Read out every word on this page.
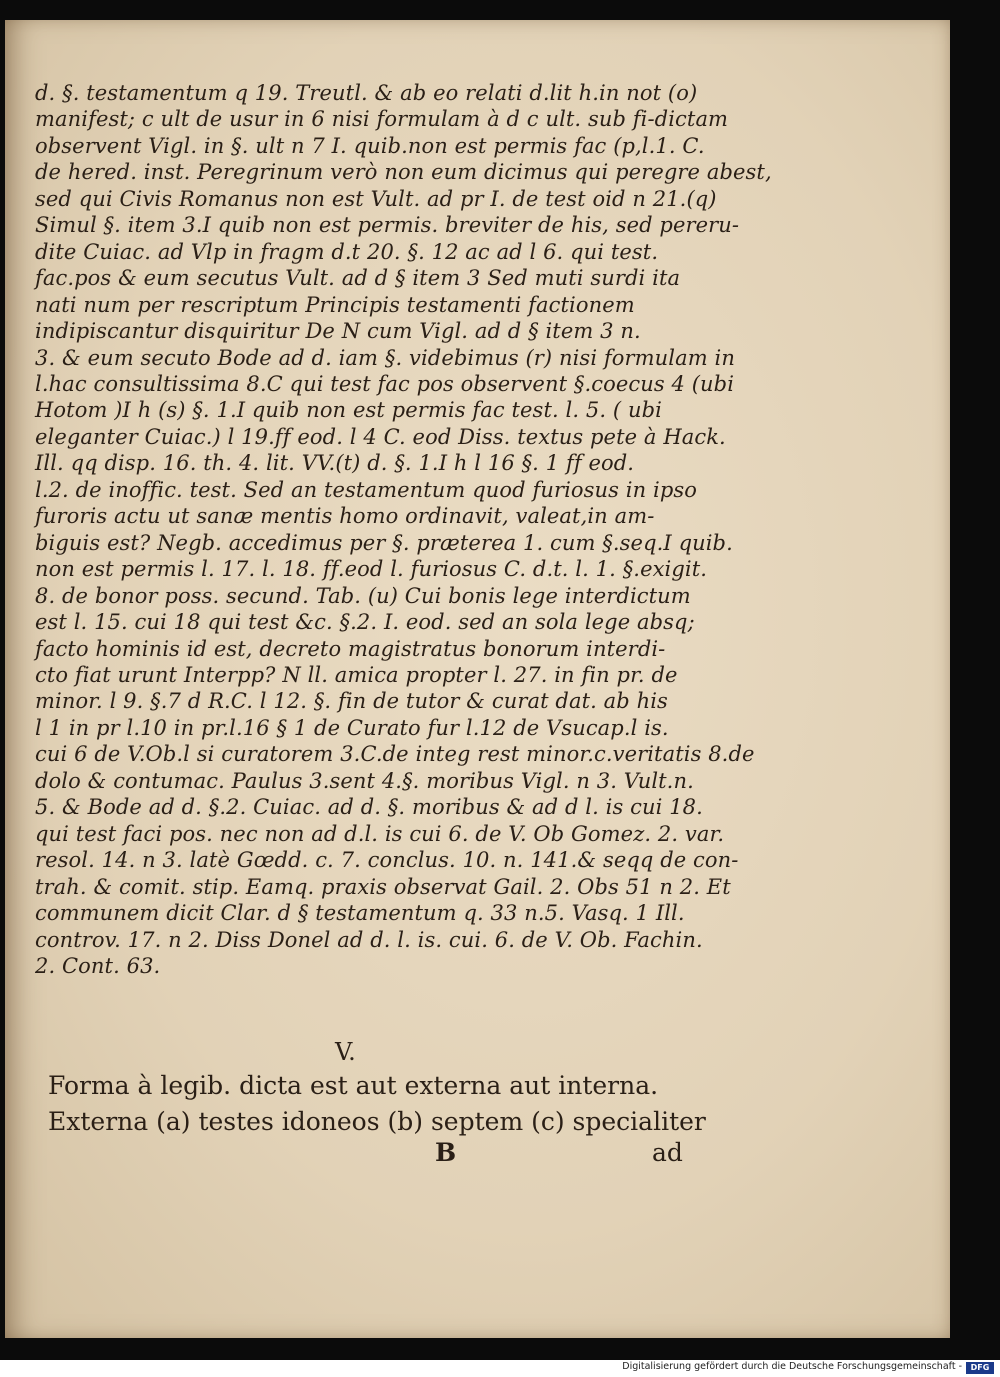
d. §. testamentum q 19. Treutl. & ab eo relati d.lit h.in not (o)
manifest; c ult de usur in 6 nisi formulam à d c ult. sub fi-dictam
observent Vigl. in §. ult n 7 I. quib.non est permis fac (p,l.1. C.
de hered. inst. Peregrinum verò non eum dicimus qui peregre abest,
sed qui Civis Romanus non est Vult. ad pr I. de test oid n 21.(q)
Simul §. item 3.I quib non est permis. breviter de his, sed pereru-
dite Cuiac. ad Vlp in fragm d.t 20. §. 12 ac ad l 6. qui test.
fac.pos & eum secutus Vult. ad d § item 3 Sed muti surdi ita
nati num per rescriptum Principis testamenti factionem
indipiscantur disquiritur De N cum Vigl. ad d § item 3 n.
3. & eum secuto Bode ad d. iam §. videbimus (r) nisi formulam in
l.hac consultissima 8.C qui test fac pos observent §.coecus 4 (ubi
Hotom )I h (s) §. 1.I quib non est permis fac test. l. 5. ( ubi
eleganter Cuiac.) l 19.ff eod. l 4 C. eod Diss. textus pete à Hack.
Ill. qq disp. 16. th. 4. lit. VV.(t) d. §. 1.I h l 16 §. 1 ff eod.
l.2. de inoffic. test. Sed an testamentum quod furiosus in ipso
furoris actu ut sanæ mentis homo ordinavit, valeat,in am-
biguis est? Negb. accedimus per §. præterea 1. cum §.seq.I quib.
non est permis l. 17. l. 18. ff.eod l. furiosus C. d.t. l. 1. §.exigit.
8. de bonor poss. secund. Tab. (u) Cui bonis lege interdictum
est l. 15. cui 18 qui test &c. §.2. I. eod. sed an sola lege absq;
facto hominis id est, decreto magistratus bonorum interdi-
cto fiat urunt Interpp? N ll. amica propter l. 27. in fin pr. de
minor. l 9. §.7 d R.C. l 12. §. fin de tutor & curat dat. ab his
l 1 in pr l.10 in pr.l.16 § 1 de Curato fur l.12 de Vsucap.l is.
cui 6 de V.Ob.l si curatorem 3.C.de integ rest minor.c.veritatis 8.de
dolo & contumac. Paulus 3.sent 4.§. moribus Vigl. n 3. Vult.n.
5. & Bode ad d. §.2. Cuiac. ad d. §. moribus & ad d l. is cui 18.
qui test faci pos. nec non ad d.l. is cui 6. de V. Ob Gomez. 2. var.
resol. 14. n 3. latè Gœdd. c. 7. conclus. 10. n. 141.& seqq de con-
trah. & comit. stip. Eamq. praxis observat Gail. 2. Obs 51 n 2. Et
communem dicit Clar. d § testamentum q. 33 n.5. Vasq. 1 Ill.
controv. 17. n 2. Diss Donel ad d. l. is. cui. 6. de V. Ob. Fachin.
2. Cont. 63.
V.
Forma à legib. dicta est aut externa aut interna.
Externa (a) testes idoneos (b) septem (c) specialiter
B	ad
Digitalisierung gefördert durch die Deutsche Forschungsgemeinschaft -	DFG
